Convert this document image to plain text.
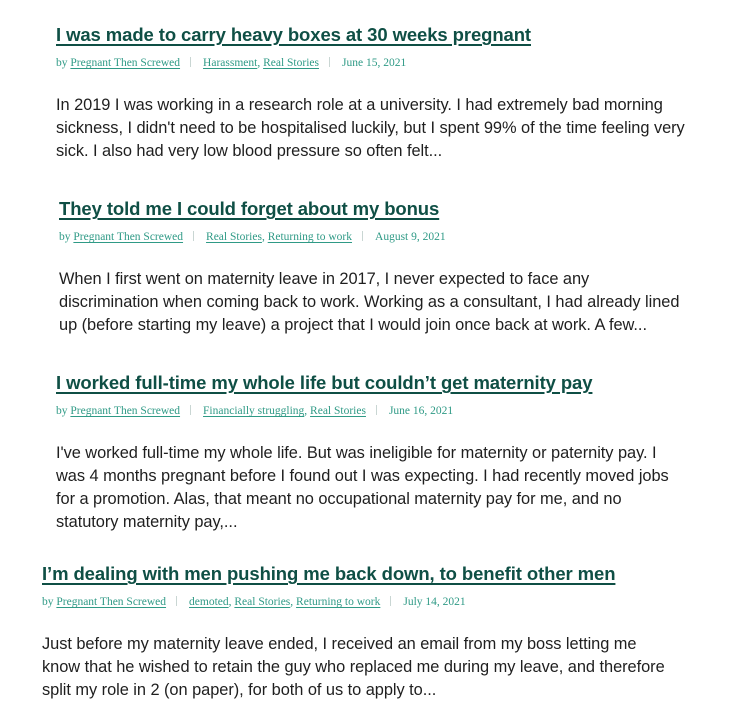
I was made to carry heavy boxes at 30 weeks pregnant
by Pregnant Then Screwed Harassment, Real Stories June 15, 2021

In 2019 I was working in a research role at a university. I had extremely bad morning
sickness, I didn't need to be hospitalised luckily, but I spent 99% of the time feeling very
sick. I also had very low blood pressure so often felt...

They told me I could forget about my bonus
by Pregnant Then Screwed Real Stories, Returning to work August 9, 2021

When I first went on maternity leave in 2017, I never expected to face any
discrimination when coming back to work. Working as a consultant, I had already lined
up (before starting my leave) a project that I would join once back at work. A few...

I worked full-time my whole life but couldn’t get maternity pay
by Pregnant Then Screwed Financially struggling, Real Stories June 16, 2021

I've worked full-time my whole life. But was ineligible for maternity or paternity pay. I
was 4 months pregnant before I found out I was expecting. I had recently moved jobs
for a promotion. Alas, that meant no occupational maternity pay for me, and no
statutory maternity pay,...

I’m dealing with men pushing me back down, to benefit other men
by Pregnant Then Screwed demoted, Real Stories, Returning to work July 14, 2021

Just before my maternity leave ended, I received an email from my boss letting me
know that he wished to retain the guy who replaced me during my leave, and therefore
split my role in 2 (on paper), for both of us to apply to...
